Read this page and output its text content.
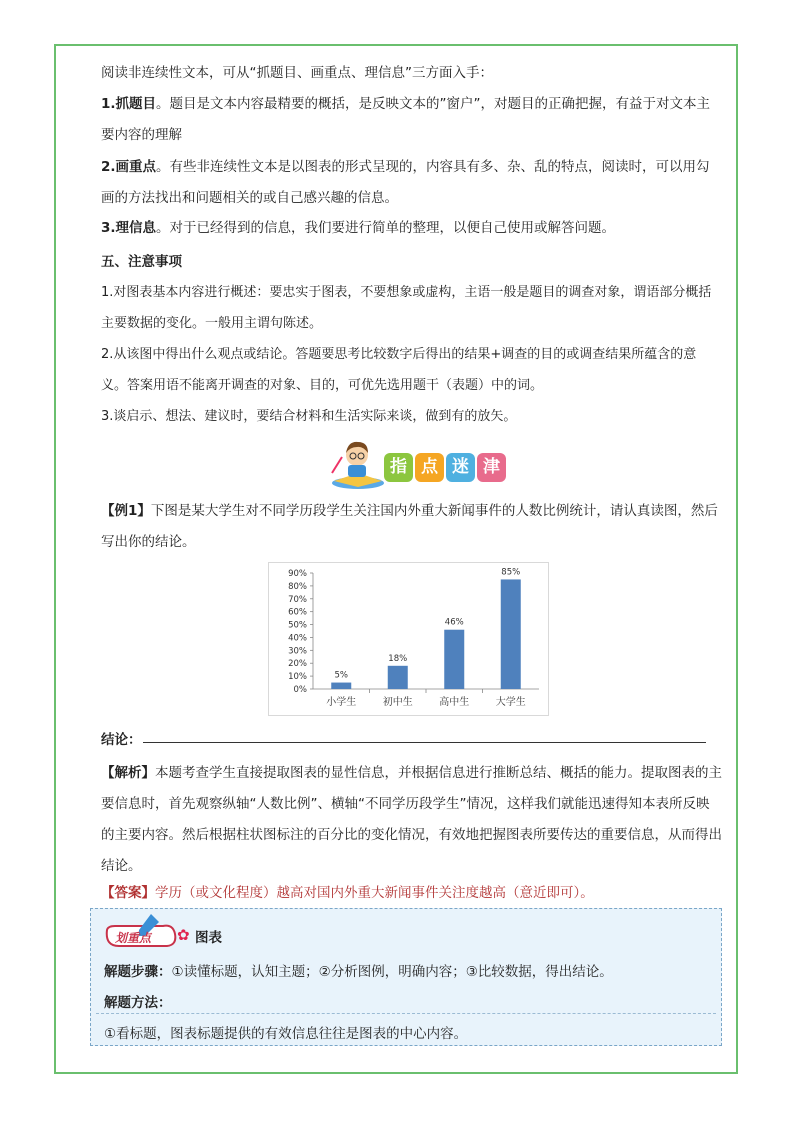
阅读非连续性文本，可从“抓题目、画重点、理信息”三方面入手：

1.抓题目。题目是文本内容最精要的概括，是反映文本的”窗户”，对题目的正确把握，有益于对文本主要内容的理解

2.画重点。有些非连续性文本是以图表的形式呈现的，内容具有多、杂、乱的特点，阅读时，可以用勾画的方法找出和问题相关的或自己感兴趣的信息。

3.理信息。对于已经得到的信息，我们要进行简单的整理，以便自己使用或解答问题。

五、注意事项

1.对图表基本内容进行概述：要忠实于图表，不要想象或虚构，主语一般是题目的调查对象，谓语部分概括主要数据的变化。一般用主谓句陈述。

2.从该图中得出什么观点或结论。答题要思考比较数字后得出的结果+调查的目的或调查结果所蕴含的意义。答案用语不能离开调查的对象、目的，可优先选用题干（表题）中的词。

3.谈启示、想法、建议时，要结合材料和生活实际来谈，做到有的放矢。

指 点 迷 津

【例1】下图是某大学生对不同学历段学生关注国内外重大新闻事件的人数比例统计，请认真读图，然后写出你的结论。

0%
10%
20%
30%
40%
50%
60%
70%
80%
90%
5%
小学生
18%
初中生
46%
高中生
85%
大学生
结论：

【解析】本题考查学生直接提取图表的显性信息，并根据信息进行推断总结、概括的能力。提取图表的主要信息时，首先观察纵轴“人数比例”、横轴“不同学历段学生”情况，这样我们就能迅速得知本表所反映的主要内容。然后根据柱状图标注的百分比的变化情况，有效地把握图表所要传达的重要信息，从而得出结论。

【答案】学历（或文化程度）越高对国内外重大新闻事件关注度越高（意近即可）。

划重点 ✿ 图表
解题步骤：①读懂标题，认知主题；②分析图例，明确内容；③比较数据，得出结论。
解题方法：
①看标题，图表标题提供的有效信息往往是图表的中心内容。
